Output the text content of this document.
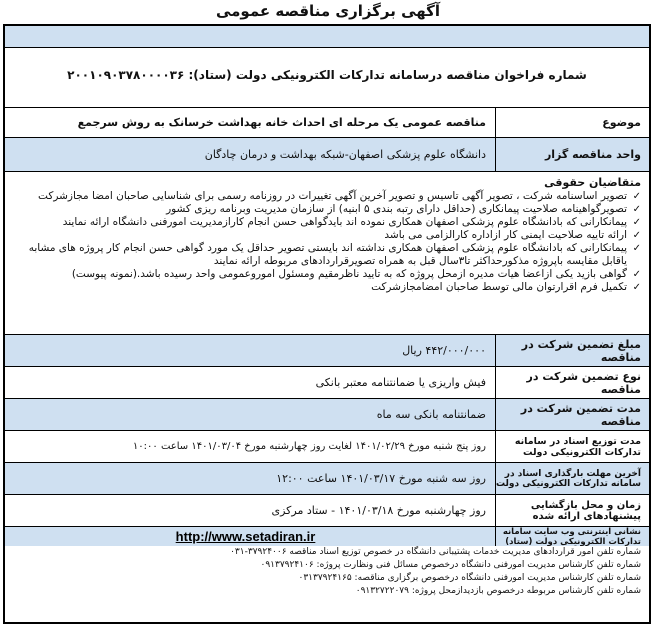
آگهی برگزاری مناقصه عمومی
شماره فراخوان مناقصه درسامانه تدارکات الکترونیکی دولت (ستاد): ۲۰۰۱۰۹۰۳۷۸۰۰۰۰۳۶
موضوع
مناقصه عمومی یک مرحله ای احداث خانه بهداشت خرسانک به روش سرجمع
واحد مناقصه گزار
دانشگاه علوم پزشکی اصفهان-شبکه بهداشت و درمان چادگان
متقاضیان حقوقی
✓
تصویر اساسنامه شرکت ، تصویر آگهی تاسیس و تصویر آخرین آگهی تغییرات در روزنامه رسمی برای شناسایی صاحبان امضا مجازشرکت
✓
تصویرگواهینامه صلاحیت پیمانکاری (حداقل دارای رتبه بندی ۵ ابنیه) از سازمان مدیریت وبرنامه ریزی کشور
✓
پیمانکارانی که بادانشگاه علوم پزشکی اصفهان همکاری نموده اند بایدگواهی حسن انجام کارازمدیریت امورفنی دانشگاه ارائه نمایند
✓
ارائه تاییه صلاحیت ایمنی کار ازاداره کارالزامی می باشد
✓
پیمانکارانی که بادانشگاه علوم پزشکی اصفهان همکاری نداشته اند بایستی تصویر حداقل یک مورد گواهی حسن انجام کار پروژه های مشابه یاقابل مقایسه باپروژه مذکورحداکثر تا۳سال قبل به همراه تصویرقراردادهای مربوطه ارائه نمایند
✓
گواهی بازید یکی ازاعضا هیات مدیره ازمحل پروژه که به تایید ناظرمقیم ومسئول اموروعمومی واحد رسیده باشد.(نمونه پیوست)
✓
تکمیل فرم اقرارتوان مالی توسط صاحبان امضامجازشرکت
مبلغ تضمین شرکت در مناقصه
۴۴۲/۰۰۰/۰۰۰ ریال
نوع تضمین شرکت در مناقصه
فیش واریزی یا ضمانتنامه معتبر بانکی
مدت تضمین شرکت در مناقصه
ضمانتنامه بانکی سه ماه
مدت توزیع اسناد در سامانه تدارکات الکترونیکی دولت
روز پنج شنبه مورخ ۱۴۰۱/۰۲/۲۹ لغایت روز چهارشنبه مورخ ۱۴۰۱/۰۳/۰۴ ساعت ۱۰:۰۰
آخرین مهلت بارگذاری اسناد در سامانه تدارکات الکترونیکی دولت
روز سه شنبه مورخ ۱۴۰۱/۰۳/۱۷ ساعت ۱۲:۰۰
زمان و محل بازگشایی پیشنهادهای ارائه شده
روز چهارشنبه مورخ ۱۴۰۱/۰۳/۱۸ - ستاد مرکزی
نشانی اینترنتی وب سایت سامانه تدارکات الکترونیکی دولت (ستاد)
http://www.setadiran.ir
شماره تلفن امور قراردادهای مدیریت خدمات پشتیبانی دانشگاه در خصوص توزیع اسناد مناقصه ۳۷۹۲۴۰۰۶-۰۳۱
شماره تلفن کارشناس مدیریت امورفنی دانشگاه درخصوص مسائل فنی ونظارت پروژه: ۰۹۱۳۷۹۲۴۱۰۶
شماره تلفن کارشناس مدیریت امورفنی دانشگاه درخصوص برگزاری مناقصه: ۰۳۱۳۷۹۲۴۱۶۵
شماره تلفن کارشناس مربوطه درخصوص بازدیدازمحل پروژه: ۰۹۱۳۲۷۲۲۰۷۹
